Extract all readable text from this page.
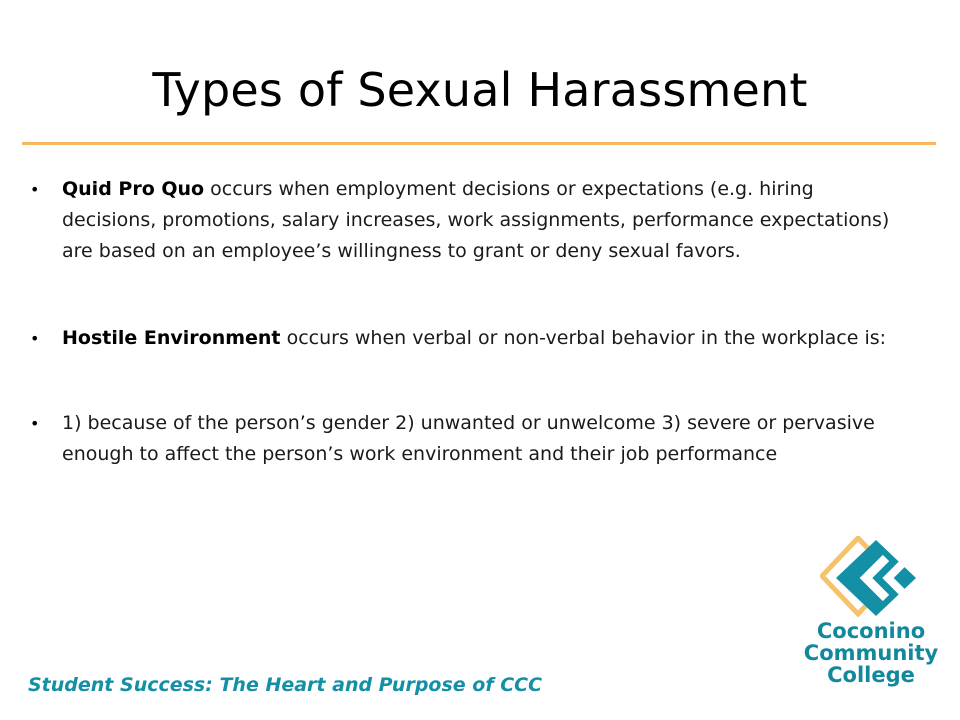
Types of Sexual Harassment
• Quid Pro Quo occurs when employment decisions or expectations (e.g. hiring decisions, promotions, salary increases, work assignments, performance expectations) are based on an employee’s willingness to grant or deny sexual favors.
• Hostile Environment occurs when verbal or non-verbal behavior in the workplace is:
• 1) because of the person’s gender 2) unwanted or unwelcome 3) severe or pervasive enough to affect the person’s work environment and their job performance
Student Success: The Heart and Purpose of CCC
Coconino
Community
College
